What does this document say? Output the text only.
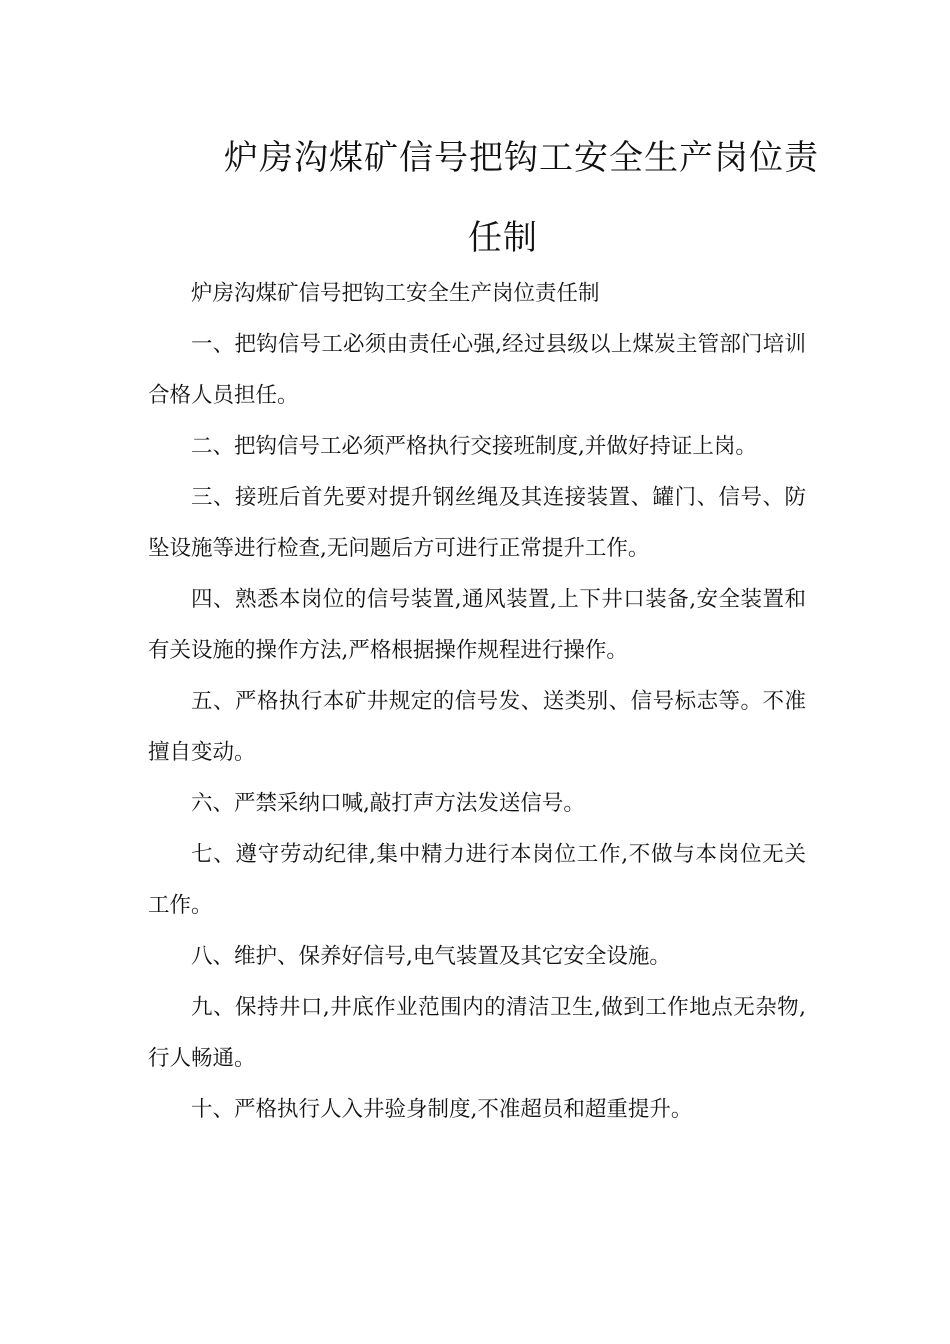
炉房沟煤矿信号把钩工安全生产岗位责
任制

炉房沟煤矿信号把钩工安全生产岗位责任制

一、把钩信号工必须由责任心强,经过县级以上煤炭主管部门培训合格人员担任。

二、把钩信号工必须严格执行交接班制度,并做好持证上岗。

三、接班后首先要对提升钢丝绳及其连接装置、罐门、信号、防坠设施等进行检查,无问题后方可进行正常提升工作。

四、熟悉本岗位的信号装置,通风装置,上下井口装备,安全装置和有关设施的操作方法,严格根据操作规程进行操作。

五、严格执行本矿井规定的信号发、送类别、信号标志等。不准擅自变动。

六、严禁采纳口喊,敲打声方法发送信号。

七、遵守劳动纪律,集中精力进行本岗位工作,不做与本岗位无关工作。

八、维护、保养好信号,电气装置及其它安全设施。

九、保持井口,井底作业范围内的清洁卫生,做到工作地点无杂物,行人畅通。

十、严格执行人入井验身制度,不准超员和超重提升。
